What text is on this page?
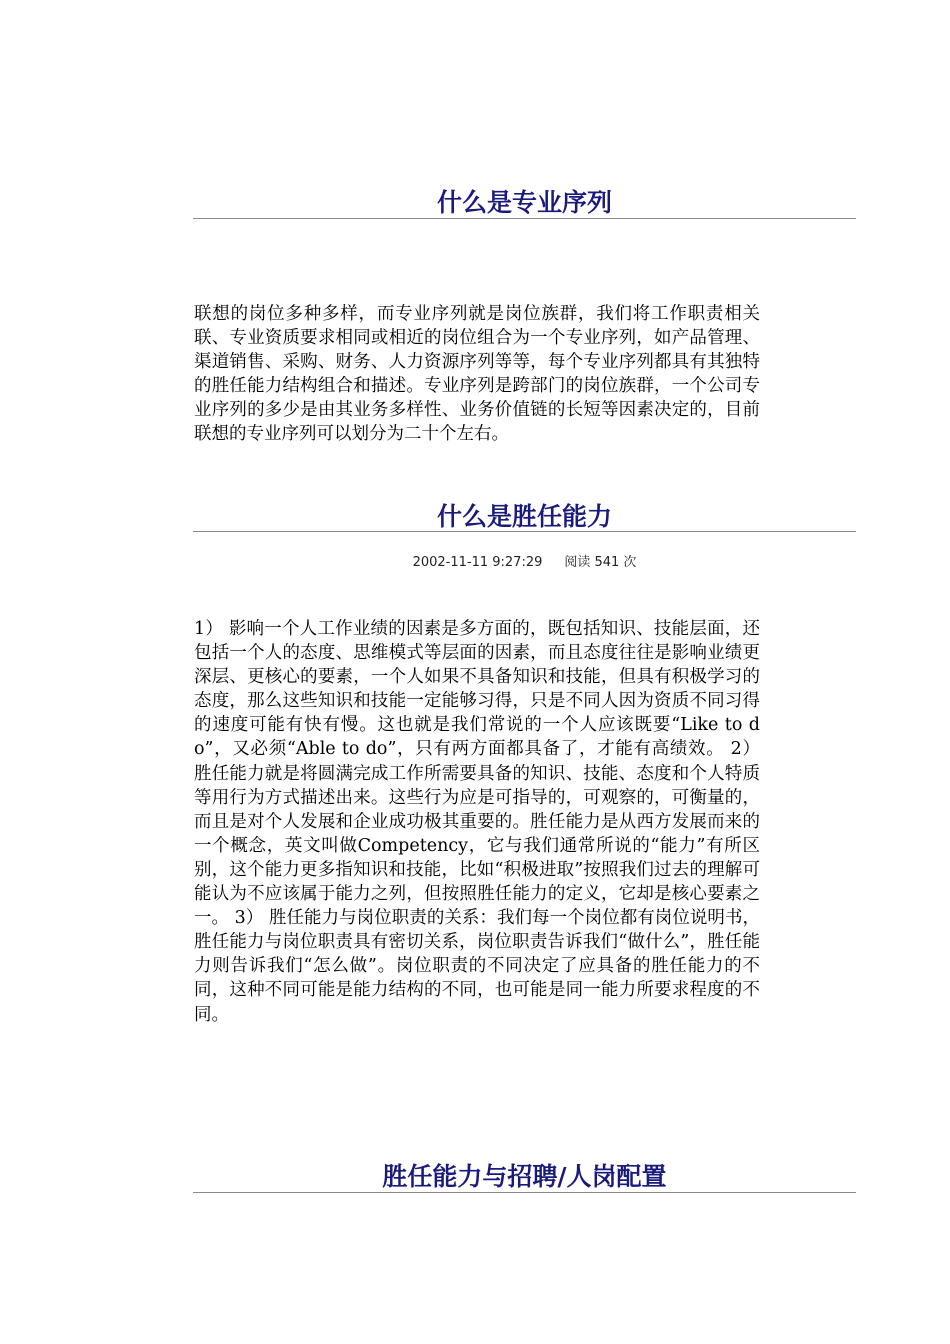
什么是专业序列
联想的岗位多种多样，而专业序列就是岗位族群，我们将工作职责相关联、专业资质要求相同或相近的岗位组合为一个专业序列，如产品管理、渠道销售、采购、财务、人力资源序列等等，每个专业序列都具有其独特的胜任能力结构组合和描述。专业序列是跨部门的岗位族群，一个公司专业序列的多少是由其业务多样性、业务价值链的长短等因素决定的，目前联想的专业序列可以划分为二十个左右。
什么是胜任能力
2002-11-11 9:27:29 阅读 541 次
1） 影响一个人工作业绩的因素是多方面的，既包括知识、技能层面，还包括一个人的态度、思维模式等层面的因素，而且态度往往是影响业绩更深层、更核心的要素，一个人如果不具备知识和技能，但具有积极学习的态度，那么这些知识和技能一定能够习得，只是不同人因为资质不同习得的速度可能有快有慢。这也就是我们常说的一个人应该既要“Like to do”，又必须“Able to do”，只有两方面都具备了，才能有高绩效。 2） 胜任能力就是将圆满完成工作所需要具备的知识、技能、态度和个人特质等用行为方式描述出来。这些行为应是可指导的，可观察的，可衡量的，而且是对个人发展和企业成功极其重要的。胜任能力是从西方发展而来的一个概念，英文叫做Competency，它与我们通常所说的“能力”有所区别，这个能力更多指知识和技能，比如“积极进取”按照我们过去的理解可能认为不应该属于能力之列，但按照胜任能力的定义，它却是核心要素之一。 3） 胜任能力与岗位职责的关系：我们每一个岗位都有岗位说明书，胜任能力与岗位职责具有密切关系，岗位职责告诉我们“做什么”，胜任能力则告诉我们“怎么做”。岗位职责的不同决定了应具备的胜任能力的不同，这种不同可能是能力结构的不同，也可能是同一能力所要求程度的不同。
胜任能力与招聘/人岗配置
